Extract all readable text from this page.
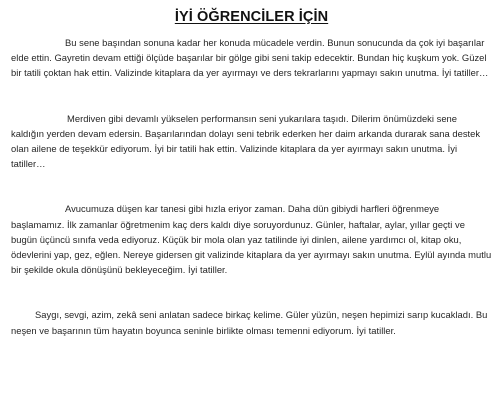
İYİ ÖĞRENCİLER İÇİN

Bu sene başından sonuna kadar her konuda mücadele verdin. Bunun sonucunda da çok iyi başarılar elde ettin. Gayretin devam ettiği ölçüde başarılar bir gölge gibi seni takip edecektir. Bundan hiç kuşkum yok. Güzel bir tatili çoktan hak ettin. Valizinde kitaplara da yer ayırmayı ve ders tekrarlarını yapmayı sakın unutma. İyi tatiller…

Merdiven gibi devamlı yükselen performansın seni yukarılara taşıdı. Dilerim önümüzdeki sene kaldığın yerden devam edersin. Başarılarından dolayı seni tebrik ederken her daim arkanda durarak sana destek olan ailene de teşekkür ediyorum. İyi bir tatili hak ettin. Valizinde kitaplara da yer ayırmayı sakın unutma. İyi tatiller…

Avucumuza düşen kar tanesi gibi hızla eriyor zaman. Daha dün gibiydi harfleri öğrenmeye başlamamız. İlk zamanlar öğretmenim kaç ders kaldı diye soruyordunuz. Günler, haftalar, aylar, yıllar geçti ve bugün üçüncü sınıfa veda ediyoruz. Küçük bir mola olan yaz tatilinde iyi dinlen, ailene yardımcı ol, kitap oku, ödevlerini yap, gez, eğlen. Nereye gidersen git valizinde kitaplara da yer ayırmayı sakın unutma. Eylül ayında mutlu bir şekilde okula dönüşünü bekleyeceğim. İyi tatiller.

Saygı, sevgi, azim, zekâ seni anlatan sadece birkaç kelime. Güler yüzün, neşen hepimizi sarıp kucakladı. Bu neşen ve başarının tüm hayatın boyunca seninle birlikte olması temenni ediyorum. İyi tatiller.
